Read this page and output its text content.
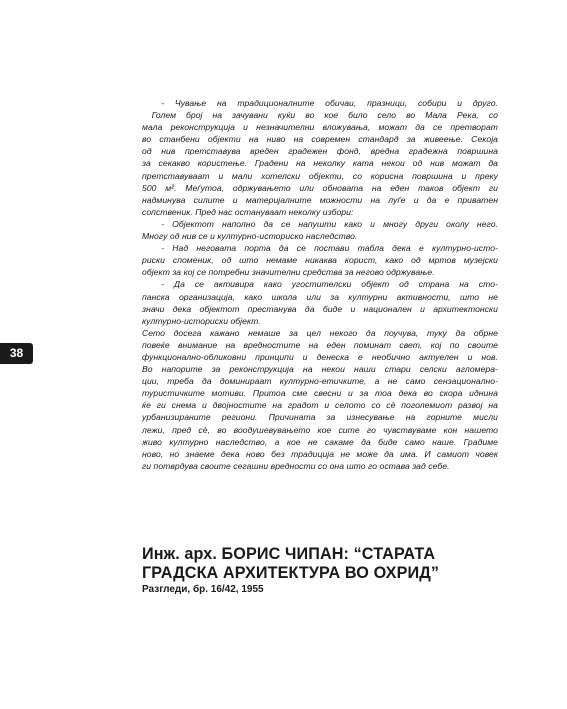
38

- Чување на традиционалните обичаи, празници, собири и друго.

Голем број на зачувани куќи во кое било село во Мала Река, со

мала реконструкција и незначителни вложувања, можат да се претворат

во станбени објекти на ниво на современ стандард за живеење. Секоја

од нив претставува вреден градежен фонд, вредна градежна површина

за секакво користење. Градени на неколку ката некои од нив можат да

претставуваат и мали хотелски објекти, со корисна површина и преку

500 м². Меѓутоа, одржувањето или обновата на еден таков објект ги

надминува силите и материјалните можности на луѓе и да е приватен

сопственик. Пред нас остануваат неколку избори:

- Објектот наполно да се напушти како и многу други околу него.

Многу од нив се и културно-историско наследство.

- Над неговата порта да се постави табла дека е културно-исто-

риски споменик, од што немаме никаква корист, како од мртов музејски

објект за кој се потребни значителни средства за негово одржување.

- Да се активира како угостителски објект од страна на сто-

панска организација, како школа или за културни активности, што не

значи дека објектот престанува да биде и национален и архитектонски

културно-историски објект.

Сето досега кажано немаше за цел некого да поучува, туку да обрне

повеќе внимание на вредностите на еден поминат свет, кој по своите

функционално-обликовни принципи и денеска е необично актуелен и нов.

Во напорите за реконструкција на некои наши стари селски агломера-

ции, треба да доминираат културно-етичките, а не само сензационално-

туристичките мотиви. Притоа сме свесни и за тоа дека во скора иднина

ќе ги снема и двојностите на градот и селото со сè поголемиот развој на

урбанизираните региони. Причината за изнесување на горните мисли

лежи, пред сè, во воодушевувањето кое сите го чувствуваме кон нашето

живо културно наследство, а кое не сакаме да биде само наше. Градиме

ново, но знаеме дека ново без традиција не може да има. И самиот човек

ги потврдува своите сегашни вредности со она што го остава зад себе.

Инж. арх. БОРИС ЧИПАН: “СТАРАТА
ГРАДСКА АРХИТЕКТУРА ВО ОХРИД”
Разгледи, бр. 16/42, 1955
